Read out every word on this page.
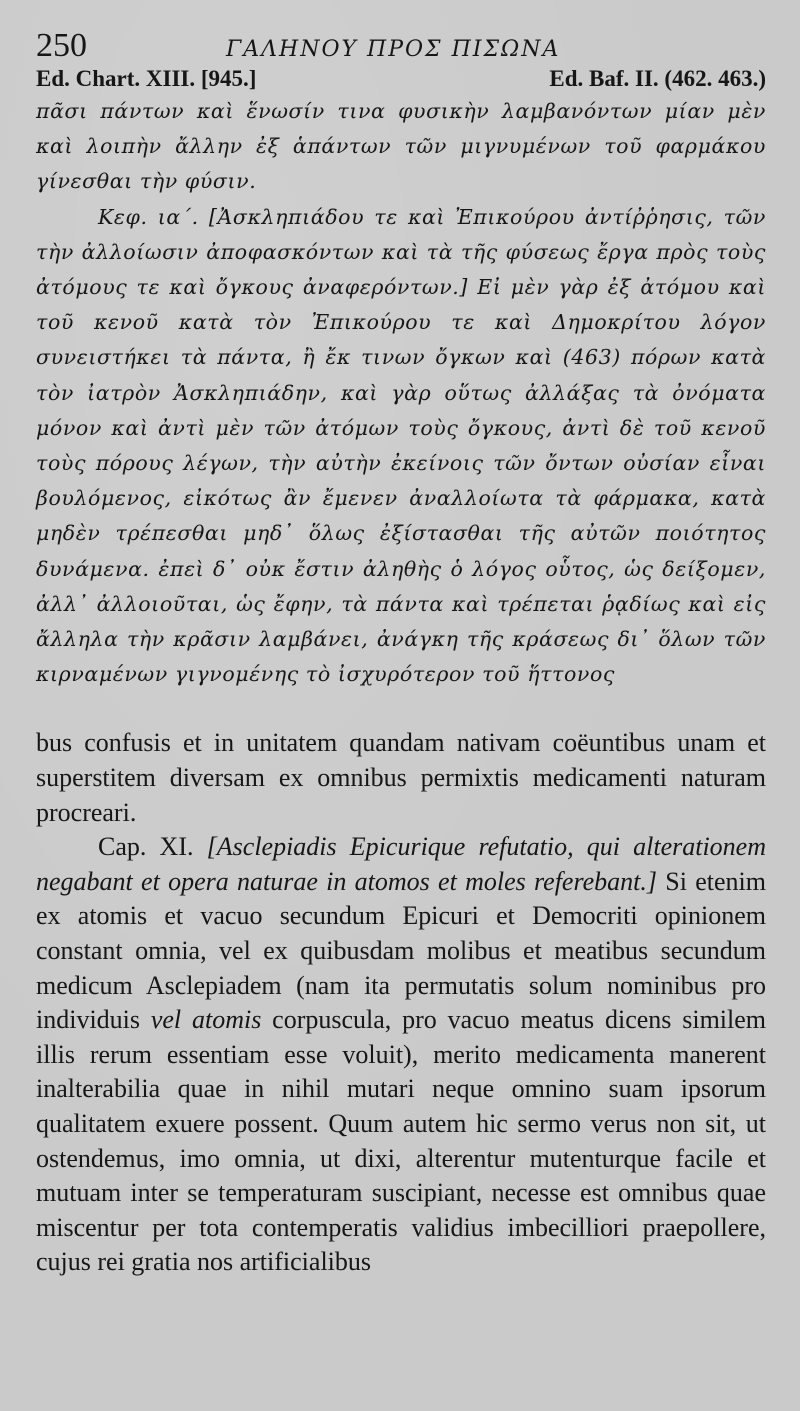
250	ΓΑΛΗΝΟΥ ΠΡΟΣ ΠΙΣΩΝΑ
Ed. Chart. XIII. [945.]	Ed. Baf. II. (462. 463.)

πᾶσι πάντων καὶ ἕνωσίν τινα φυσικὴν λαμβανόντων μίαν μὲν καὶ λοιπὴν ἄλλην ἐξ ἁπάντων τῶν μιγνυμένων τοῦ φαρμάκου γίνεσθαι τὴν φύσιν.

Κεφ. ια΄. [Ἀσκληπιάδου τε καὶ Ἐπικούρου ἀντίῤῥησις, τῶν τὴν ἀλλοίωσιν ἀποφασκόντων καὶ τὰ τῆς φύσεως ἔργα πρὸς τοὺς ἀτόμους τε καὶ ὄγκους ἀναφερόντων.] Εἰ μὲν γὰρ ἐξ ἀτόμου καὶ τοῦ κενοῦ κατὰ τὸν Ἐπικούρου τε καὶ Δημοκρίτου λόγον συνειστήκει τὰ πάντα, ἢ ἔκ τινων ὄγκων καὶ (463) πόρων κατὰ τὸν ἰατρὸν Ἀσκληπιάδην, καὶ γὰρ οὕτως ἀλλάξας τὰ ὀνόματα μόνον καὶ ἀντὶ μὲν τῶν ἀτόμων τοὺς ὄγκους, ἀντὶ δὲ τοῦ κενοῦ τοὺς πόρους λέγων, τὴν αὐτὴν ἐκείνοις τῶν ὄντων οὐσίαν εἶναι βουλόμενος, εἰκότως ἂν ἔμενεν ἀναλλοίωτα τὰ φάρμακα, κατὰ μηδὲν τρέπεσθαι μηδ᾽ ὅλως ἐξίστασθαι τῆς αὐτῶν ποιότητος δυνάμενα. ἐπεὶ δ᾽ οὐκ ἔστιν ἀληθὴς ὁ λόγος οὗτος, ὡς δείξομεν, ἀλλ᾽ ἀλλοιοῦται, ὡς ἔφην, τὰ πάντα καὶ τρέπεται ῥᾳδίως καὶ εἰς ἄλληλα τὴν κρᾶσιν λαμβάνει, ἀνάγκη τῆς κράσεως δι᾽ ὅλων τῶν κιρναμένων γιγνομένης τὸ ἰσχυρότερον τοῦ ἥττονος

bus confusis et in unitatem quandam nativam coëuntibus unam et superstitem diversam ex omnibus permixtis medicamenti naturam procreari.

Cap. XI. [Asclepiadis Epicurique refutatio, qui alterationem negabant et opera naturae in atomos et moles referebant.] Si etenim ex atomis et vacuo secundum Epicuri et Democriti opinionem constant omnia, vel ex quibusdam molibus et meatibus secundum medicum Asclepiadem (nam ita permutatis solum nominibus pro individuis vel atomis corpuscula, pro vacuo meatus dicens similem illis rerum essentiam esse voluit), merito medicamenta manerent inalterabilia quae in nihil mutari neque omnino suam ipsorum qualitatem exuere possent. Quum autem hic sermo verus non sit, ut ostendemus, imo omnia, ut dixi, alterentur mutenturque facile et mutuam inter se temperaturam suscipiant, necesse est omnibus quae miscentur per tota contemperatis validius imbecilliori praepollere, cujus rei gratia nos artificialibus
